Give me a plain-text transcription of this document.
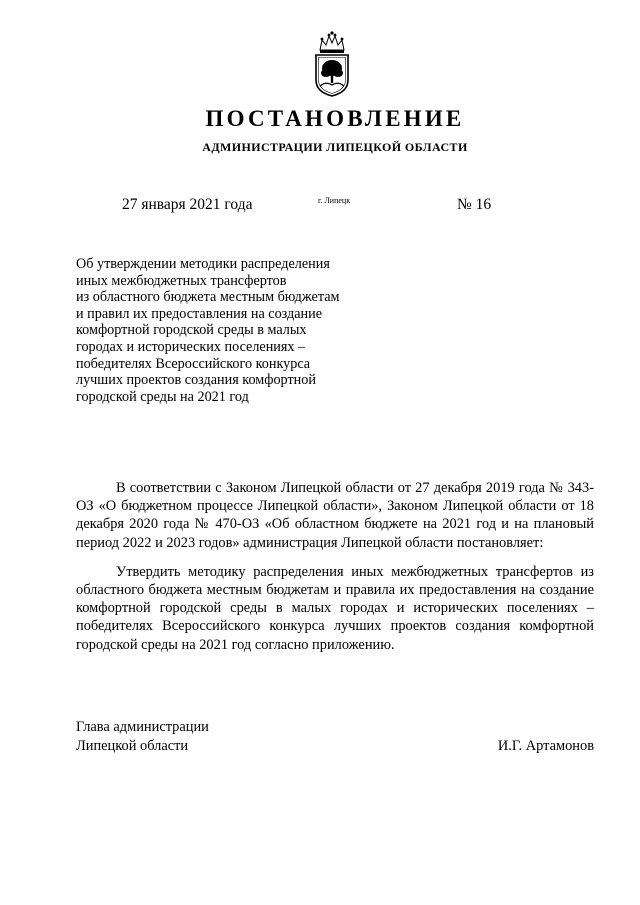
ПОСТАНОВЛЕНИЕ
АДМИНИСТРАЦИИ ЛИПЕЦКОЙ ОБЛАСТИ
27 января 2021 года	г. Липецк	№ 16
Об утверждении методики распределения
иных межбюджетных трансфертов
из областного бюджета местным бюджетам
и правил их предоставления на создание
комфортной городской среды в малых
городах и исторических поселениях –
победителях Всероссийского конкурса
лучших проектов создания комфортной
городской среды на 2021 год

В соответствии с Законом Липецкой области от 27 декабря 2019 года № 343-ОЗ «О бюджетном процессе Липецкой области», Законом Липецкой области от 18 декабря 2020 года № 470-ОЗ «Об областном бюджете на 2021 год и на плановый период 2022 и 2023 годов» администрация Липецкой области постановляет:

Утвердить методику распределения иных межбюджетных трансфертов из областного бюджета местным бюджетам и правила их предоставления на создание комфортной городской среды в малых городах и исторических поселениях – победителях Всероссийского конкурса лучших проектов создания комфортной городской среды на 2021 год согласно приложению.

Глава администрации
Липецкой области	И.Г. Артамонов
